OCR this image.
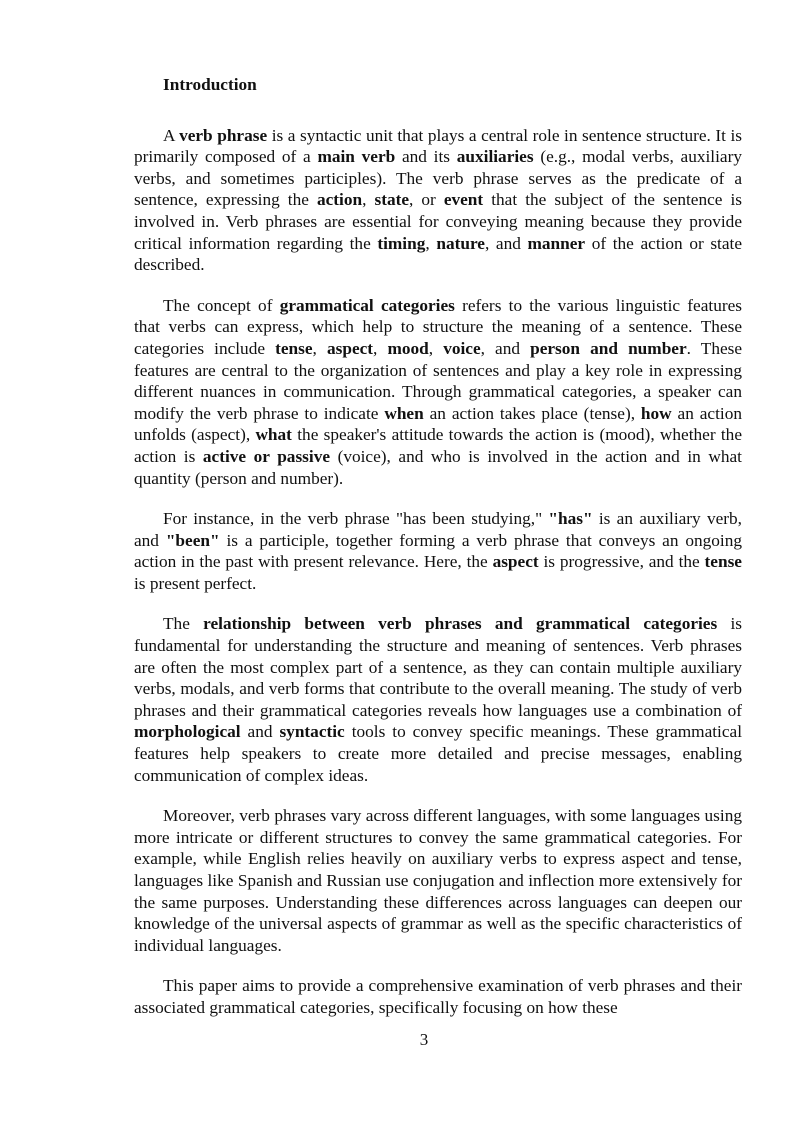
Introduction

A verb phrase is a syntactic unit that plays a central role in sentence structure. It is primarily composed of a main verb and its auxiliaries (e.g., modal verbs, auxiliary verbs, and sometimes participles). The verb phrase serves as the predicate of a sentence, expressing the action, state, or event that the subject of the sentence is involved in. Verb phrases are essential for conveying meaning because they provide critical information regarding the timing, nature, and manner of the action or state described.

The concept of grammatical categories refers to the various linguistic features that verbs can express, which help to structure the meaning of a sentence. These categories include tense, aspect, mood, voice, and person and number. These features are central to the organization of sentences and play a key role in expressing different nuances in communication. Through grammatical categories, a speaker can modify the verb phrase to indicate when an action takes place (tense), how an action unfolds (aspect), what the speaker's attitude towards the action is (mood), whether the action is active or passive (voice), and who is involved in the action and in what quantity (person and number).

For instance, in the verb phrase "has been studying," "has" is an auxiliary verb, and "been" is a participle, together forming a verb phrase that conveys an ongoing action in the past with present relevance. Here, the aspect is progressive, and the tense is present perfect.

The relationship between verb phrases and grammatical categories is fundamental for understanding the structure and meaning of sentences. Verb phrases are often the most complex part of a sentence, as they can contain multiple auxiliary verbs, modals, and verb forms that contribute to the overall meaning. The study of verb phrases and their grammatical categories reveals how languages use a combination of morphological and syntactic tools to convey specific meanings. These grammatical features help speakers to create more detailed and precise messages, enabling communication of complex ideas.

Moreover, verb phrases vary across different languages, with some languages using more intricate or different structures to convey the same grammatical categories. For example, while English relies heavily on auxiliary verbs to express aspect and tense, languages like Spanish and Russian use conjugation and inflection more extensively for the same purposes. Understanding these differences across languages can deepen our knowledge of the universal aspects of grammar as well as the specific characteristics of individual languages.

This paper aims to provide a comprehensive examination of verb phrases and their associated grammatical categories, specifically focusing on how these

3
